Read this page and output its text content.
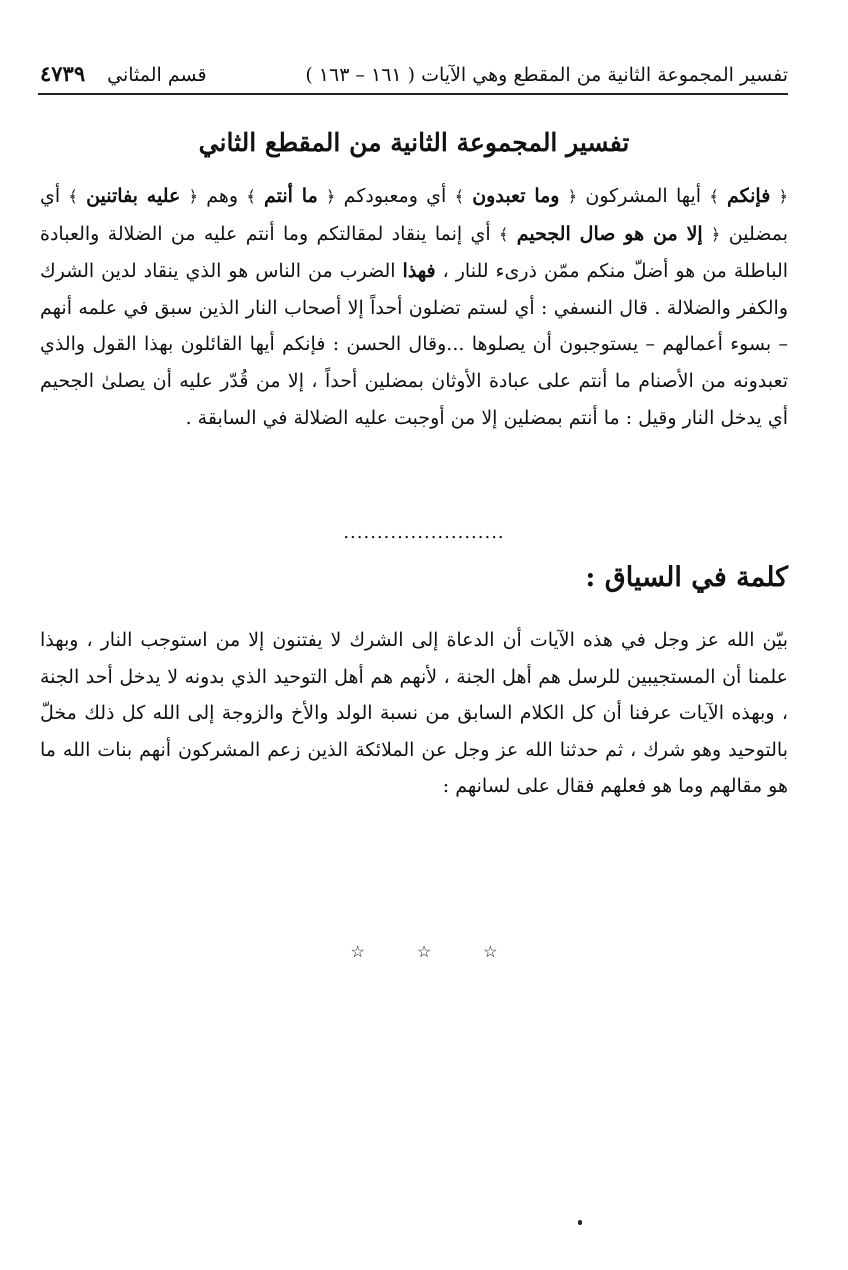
تفسير المجموعة الثانية من المقطع وهي الآيات ( ١٦١ – ١٦٣ )
قسم المثاني
٤٧٣٩
تفسير المجموعة الثانية من المقطع الثاني
﴿ فإنكم ﴾ أيها المشركون ﴿ وما تعبدون ﴾ أي ومعبودكم ﴿ ما أنتم ﴾ وهم ﴿ عليه بفاتنين ﴾ أي بمضلين ﴿ إلا من هو صال الجحيم ﴾ أي إنما ينقاد لمقالتكم وما أنتم عليه من الضلالة والعبادة الباطلة من هو أضلّ منكم ممّن ذرىء للنار ، فهذا الضرب من الناس هو الذي ينقاد لدين الشرك والكفر والضلالة . قال النسفي : أي لستم تضلون أحداً إلا أصحاب النار الذين سبق في علمه أنهم – بسوء أعمالهم – يستوجبون أن يصلوها ...وقال الحسن : فإنكم أيها القائلون بهذا القول والذي تعبدونه من الأصنام ما أنتم على عبادة الأوثان بمضلين أحداً ، إلا من قُدّر عليه أن يصلىٰ الجحيم أي يدخل النار وقيل : ما أنتم بمضلين إلا من أوجبت عليه الضلالة في السابقة .
........................
كلمة في السياق :
بيّن الله عز وجل في هذه الآيات أن الدعاة إلى الشرك لا يفتنون إلا من استوجب النار ، وبهذا علمنا أن المستجيبين للرسل هم أهل الجنة ، لأنهم هم أهل التوحيد الذي بدونه لا يدخل أحد الجنة ، وبهذه الآيات عرفنا أن كل الكلام السابق من نسبة الولد والأخ والزوجة إلى الله كل ذلك مخلّ بالتوحيد وهو شرك ، ثم حدثنا الله عز وجل عن الملائكة الذين زعم المشركون أنهم بنات الله ما هو مقالهم وما هو فعلهم فقال على لسانهم :
☆	☆	☆
